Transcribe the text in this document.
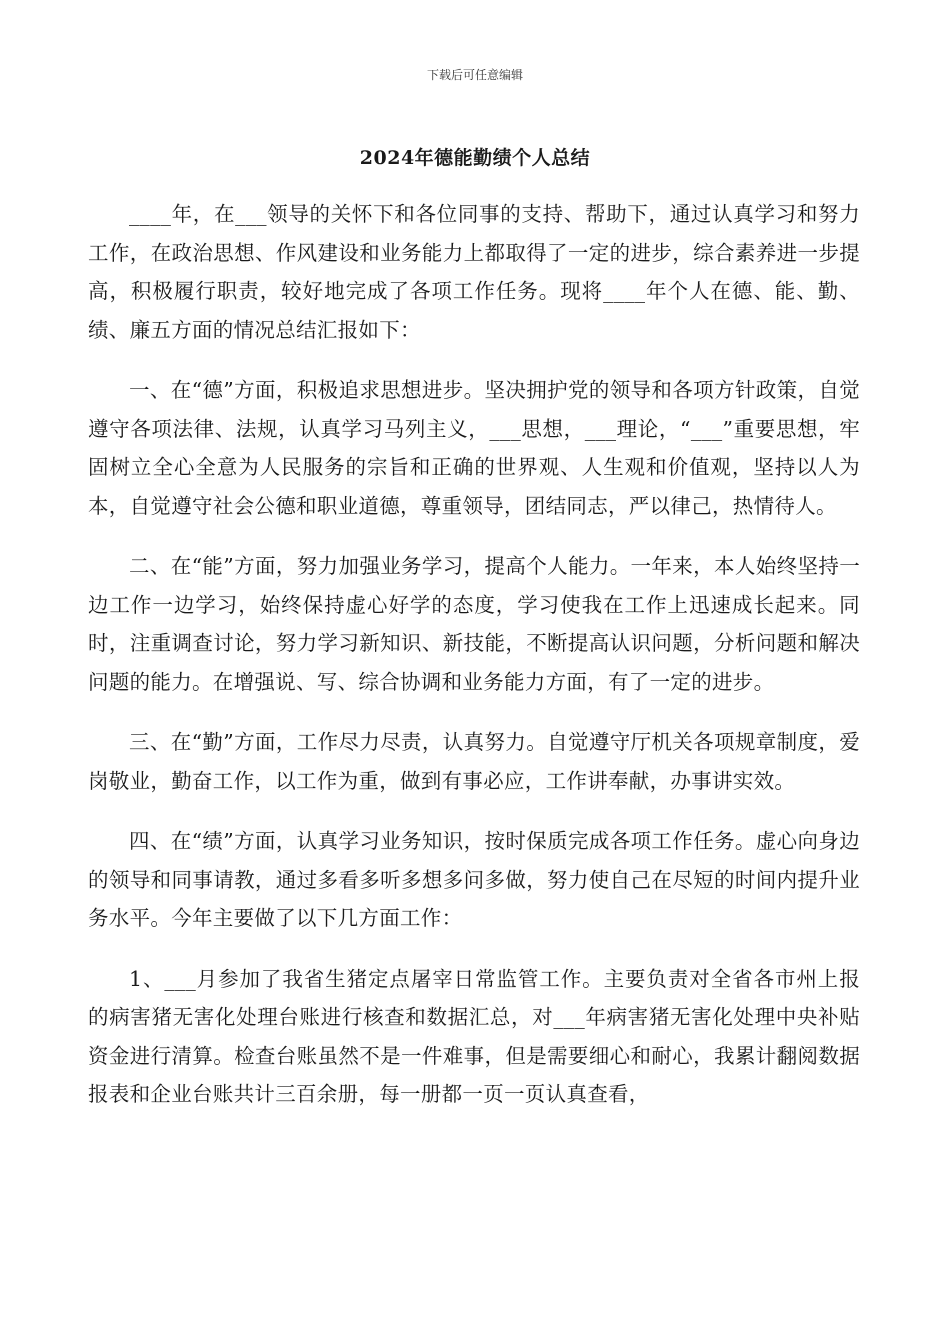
下载后可任意编辑
2024年德能勤绩个人总结

____年，在___领导的关怀下和各位同事的支持、帮助下，通过认真学习和努力工作，在政治思想、作风建设和业务能力上都取得了一定的进步，综合素养进一步提高，积极履行职责，较好地完成了各项工作任务。现将____年个人在德、能、勤、绩、廉五方面的情况总结汇报如下：

一、在“德”方面，积极追求思想进步。坚决拥护党的领导和各项方针政策，自觉遵守各项法律、法规，认真学习马列主义，___思想，___理论，“___”重要思想，牢固树立全心全意为人民服务的宗旨和正确的世界观、人生观和价值观，坚持以人为本，自觉遵守社会公德和职业道德，尊重领导，团结同志，严以律己，热情待人。

二、在“能”方面，努力加强业务学习，提高个人能力。一年来，本人始终坚持一边工作一边学习，始终保持虚心好学的态度，学习使我在工作上迅速成长起来。同时，注重调查讨论，努力学习新知识、新技能，不断提高认识问题，分析问题和解决问题的能力。在增强说、写、综合协调和业务能力方面，有了一定的进步。

三、在“勤”方面，工作尽力尽责，认真努力。自觉遵守厅机关各项规章制度，爱岗敬业，勤奋工作，以工作为重，做到有事必应，工作讲奉献，办事讲实效。

四、在“绩”方面，认真学习业务知识，按时保质完成各项工作任务。虚心向身边的领导和同事请教，通过多看多听多想多问多做，努力使自己在尽短的时间内提升业务水平。今年主要做了以下几方面工作：

1、___月参加了我省生猪定点屠宰日常监管工作。主要负责对全省各市州上报的病害猪无害化处理台账进行核查和数据汇总，对___年病害猪无害化处理中央补贴资金进行清算。检查台账虽然不是一件难事，但是需要细心和耐心，我累计翻阅数据报表和企业台账共计三百余册，每一册都一页一页认真查看，
